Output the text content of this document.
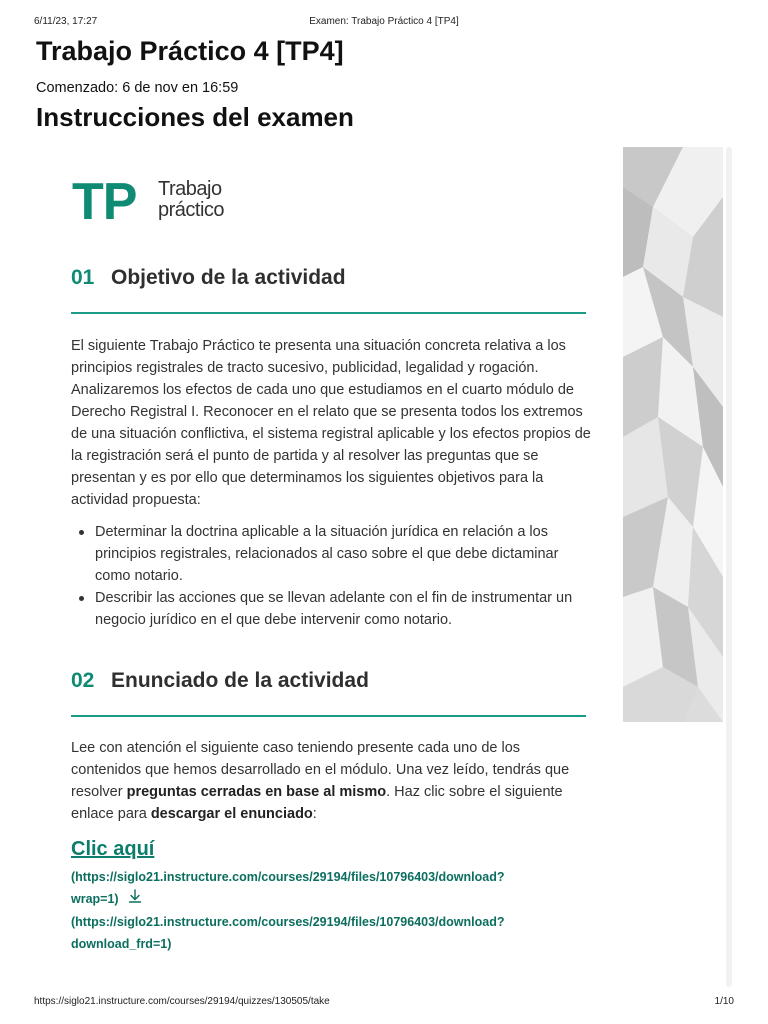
6/11/23, 17:27	Examen: Trabajo Práctico 4 [TP4]
Trabajo Práctico 4 [TP4]
Comenzado: 6 de nov en 16:59
Instrucciones del examen
TP Trabajo
práctico
01 Objetivo de la actividad

El siguiente Trabajo Práctico te presenta una situación concreta relativa a los principios registrales de tracto sucesivo, publicidad, legalidad y rogación. Analizaremos los efectos de cada uno que estudiamos en el cuarto módulo de Derecho Registral I. Reconocer en el relato que se presenta todos los extremos de una situación conflictiva, el sistema registral aplicable y los efectos propios de la registración será el punto de partida y al resolver las preguntas que se presentan y es por ello que determinamos los siguientes objetivos para la actividad propuesta:

Determinar la doctrina aplicable a la situación jurídica en relación a los principios registrales, relacionados al caso sobre el que debe dictaminar como notario.
Describir las acciones que se llevan adelante con el fin de instrumentar un negocio jurídico en el que debe intervenir como notario.
02 Enunciado de la actividad

Lee con atención el siguiente caso teniendo presente cada uno de los contenidos que hemos desarrollado en el módulo. Una vez leído, tendrás que resolver preguntas cerradas en base al mismo. Haz clic sobre el siguiente enlace para descargar el enunciado:

Clic aquí
(https://siglo21.instructure.com/courses/29194/files/10796403/download?
wrap=1)
(https://siglo21.instructure.com/courses/29194/files/10796403/download?
download_frd=1)
https://siglo21.instructure.com/courses/29194/quizzes/130505/take	1/10
